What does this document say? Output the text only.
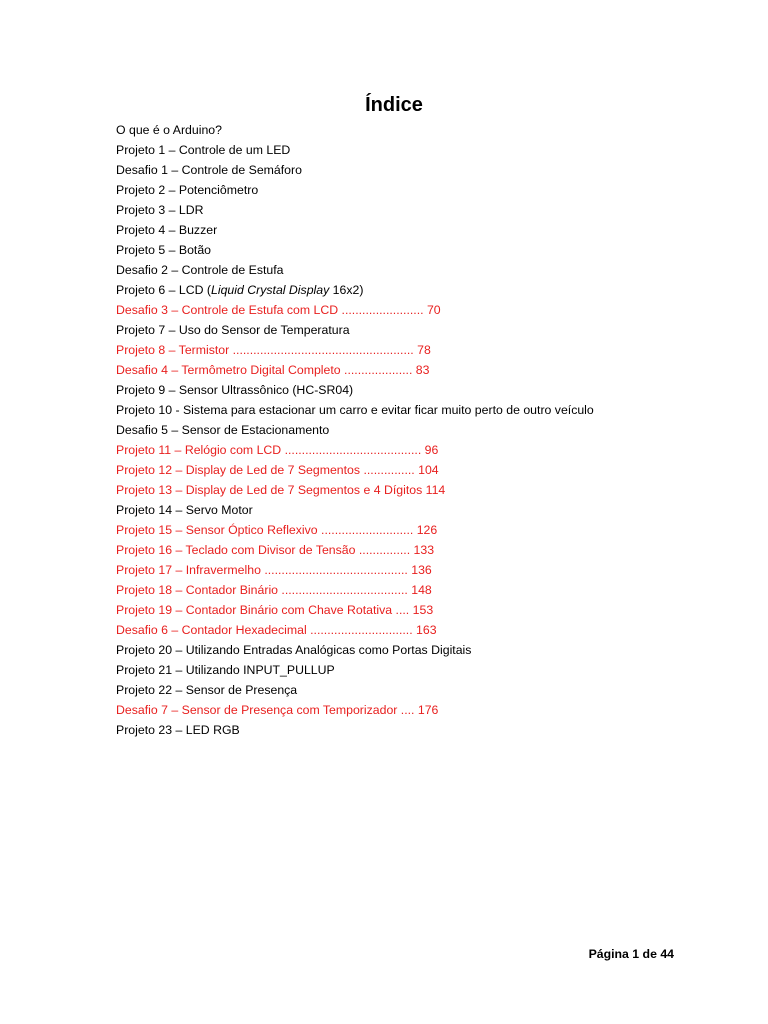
Índice
O que é o Arduino?
Projeto 1 – Controle de um LED
Desafio 1 – Controle de Semáforo
Projeto 2 – Potenciômetro
Projeto 3 – LDR
Projeto 4 – Buzzer
Projeto 5 – Botão
Desafio 2 – Controle de Estufa
Projeto 6 – LCD (Liquid Crystal Display 16x2)
Desafio 3 – Controle de Estufa com LCD ........................ 70
Projeto 7 – Uso do Sensor de Temperatura
Projeto 8 – Termistor ..................................................... 78
Desafio 4 – Termômetro Digital Completo .................... 83
Projeto 9 – Sensor Ultrassônico (HC-SR04)
Projeto 10 - Sistema para estacionar um carro e evitar ficar muito perto de outro veículo
Desafio 5 – Sensor de Estacionamento
Projeto 11 – Relógio com LCD ........................................ 96
Projeto 12 – Display de Led de 7 Segmentos ............... 104
Projeto 13 – Display de Led de 7 Segmentos e 4 Dígitos 114
Projeto 14 – Servo Motor
Projeto 15 – Sensor Óptico Reflexivo ........................... 126
Projeto 16 – Teclado com Divisor de Tensão ............... 133
Projeto 17 – Infravermelho .......................................... 136
Projeto 18 – Contador Binário ..................................... 148
Projeto 19 – Contador Binário com Chave Rotativa .... 153
Desafio 6 – Contador Hexadecimal .............................. 163
Projeto 20 – Utilizando Entradas Analógicas como Portas Digitais
Projeto 21 – Utilizando INPUT_PULLUP
Projeto 22 – Sensor de Presença
Desafio 7 – Sensor de Presença com Temporizador .... 176
Projeto 23 – LED RGB
Página 1 de 44
